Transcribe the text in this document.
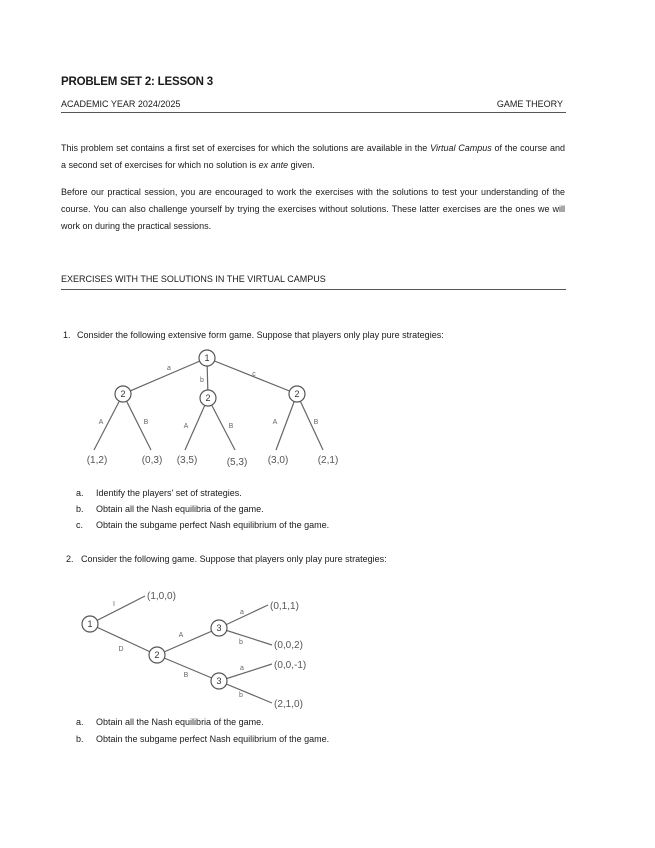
PROBLEM SET 2: LESSON 3
ACADEMIC YEAR 2024/2025	GAME THEORY
This problem set contains a first set of exercises for which the solutions are available in the Virtual Campus of the course and a second set of exercises for which no solution is ex ante given.
Before our practical session, you are encouraged to work the exercises with the solutions to test your understanding of the course. You can also challenge yourself by trying the exercises without solutions. These latter exercises are the ones we will work on during the practical sessions.
EXERCISES WITH THE SOLUTIONS IN THE VIRTUAL CAMPUS
1. Consider the following extensive form game. Suppose that players only play pure strategies:
1
2	2	2
a
b
c
A	B
A	B
A	B
(1,2)	(0,3) (3,5)	(5,3) (3,0)	(2,1)
1
2
3
3
I
D
A
B
a
b
a
b
(1,0,0)
(0,1,1)
(0,0,2)
(0,0,-1)
(2,1,0)
a. Identify the players' set of strategies.
b. Obtain all the Nash equilibria of the game.
c. Obtain the subgame perfect Nash equilibrium of the game.
2. Consider the following game. Suppose that players only play pure strategies:
a. Obtain all the Nash equilibria of the game.
b. Obtain the subgame perfect Nash equilibrium of the game.
